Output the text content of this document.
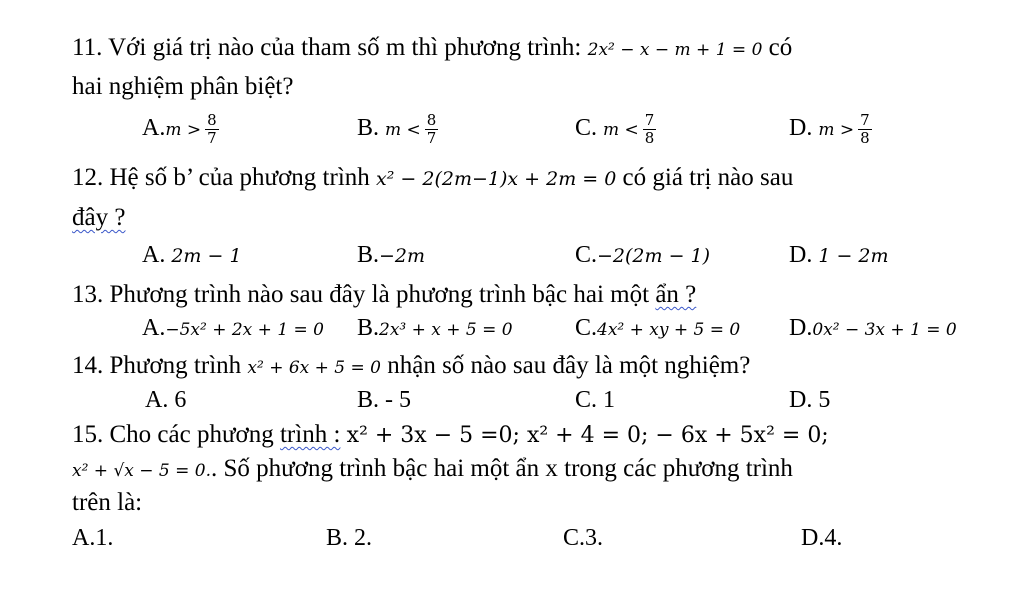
11. Với giá trị nào của tham số m thì phương trình: 2x² − x − m + 1 = 0 có
hai nghiệm phân biệt?
$A.m > \frac{8}{7}$	B. $m < \frac{8}{7}$	C. $m < \frac{7}{8}$	D. $m > \frac{7}{8}$
12. Hệ số b’ của phương trình x² − 2(2m−1)x + 2m = 0 có giá trị nào sau
đây ?
A. 2m − 1	B.−2m	C.−2(2m − 1)	D. 1 − 2m
13. Phương trình nào sau đây là phương trình bậc hai một ẩn ?
A.−5x² + 2x + 1 = 0 B.2x³ + x + 5 = 0	C.4x² + xy + 5 = 0 D.0x² − 3x + 1 = 0
14. Phương trình x² + 6x + 5 = 0 nhận số nào sau đây là một nghiệm?
A. 6	B. - 5	C. 1	D. 5
15. Cho các phương trình : x² + 3x − 5 =0; x² + 4 = 0; − 6x + 5x² = 0;
x² + √x − 5 = 0.. Số phương trình bậc hai một ẩn x trong các phương trình
trên là:
A.1.	B. 2.	C.3.	D.4.
